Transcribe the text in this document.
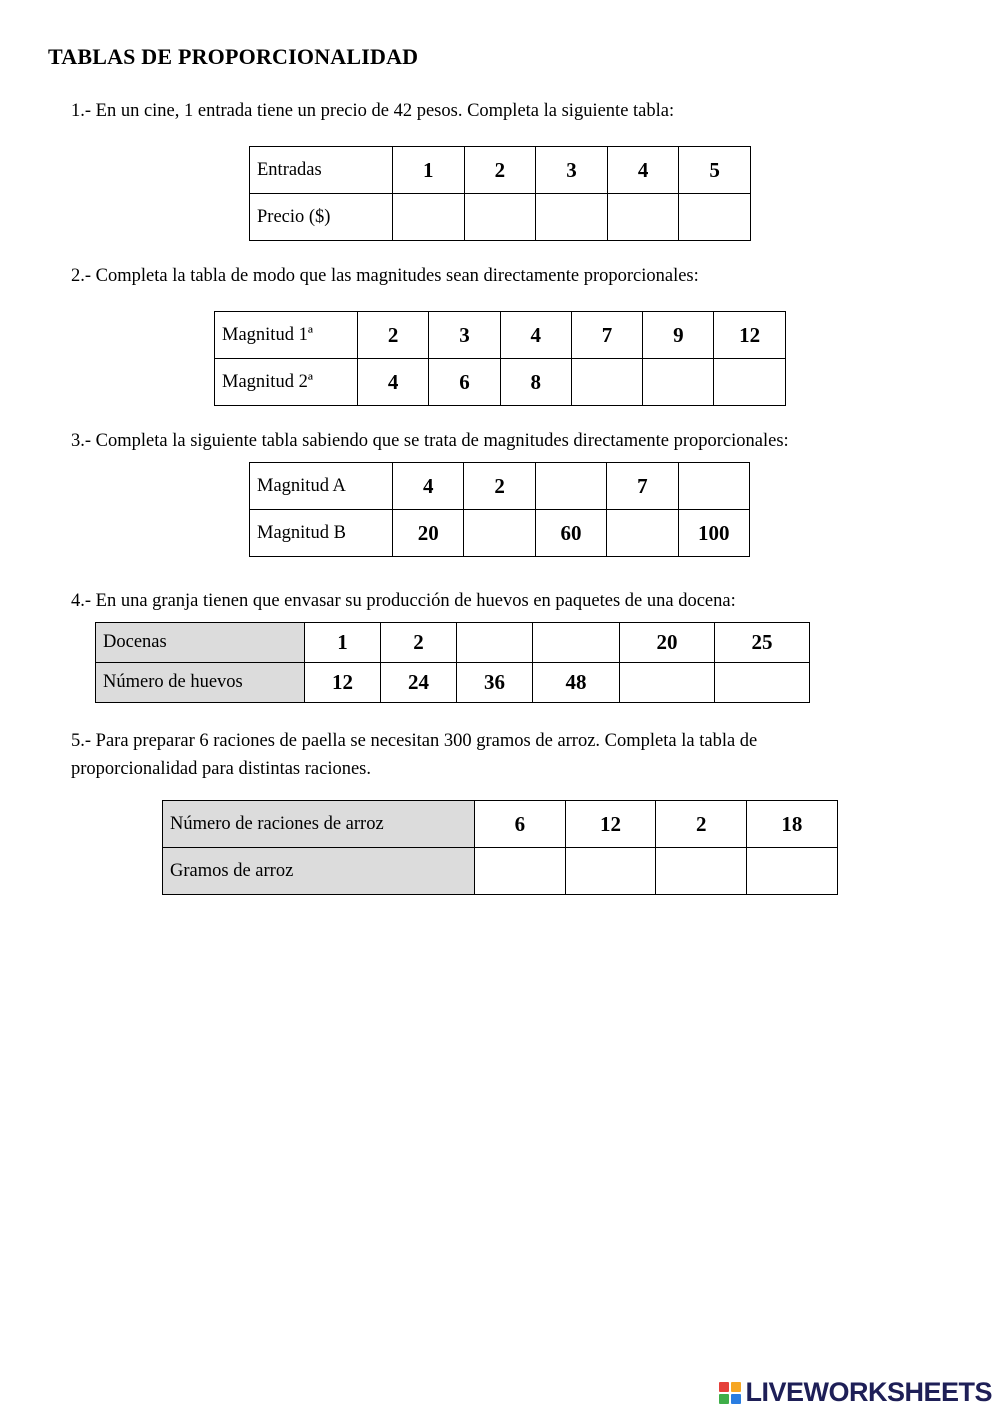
TABLAS DE PROPORCIONALIDAD
1.- En un cine, 1 entrada tiene un precio de 42 pesos. Completa la siguiente tabla:
Entradas	1	2	3	4	5
Precio ($)					
2.- Completa la tabla de modo que las magnitudes sean directamente proporcionales:
Magnitud 1ª	2	3	4	7	9	12
Magnitud 2ª	4	6	8			
3.- Completa la siguiente tabla sabiendo que se trata de magnitudes directamente proporcionales:
Magnitud A	4	2		7	
Magnitud B	20		60		100
4.- En una granja tienen que envasar su producción de huevos en paquetes de una docena:
Docenas	1	2			20	25
Número de huevos	12	24	36	48		
5.- Para preparar 6 raciones de paella se necesitan 300 gramos de arroz. Completa la tabla de
proporcionalidad para distintas raciones.
Número de raciones de arroz	6	12	2	18
Gramos de arroz				
LIVEWORKSHEETS
